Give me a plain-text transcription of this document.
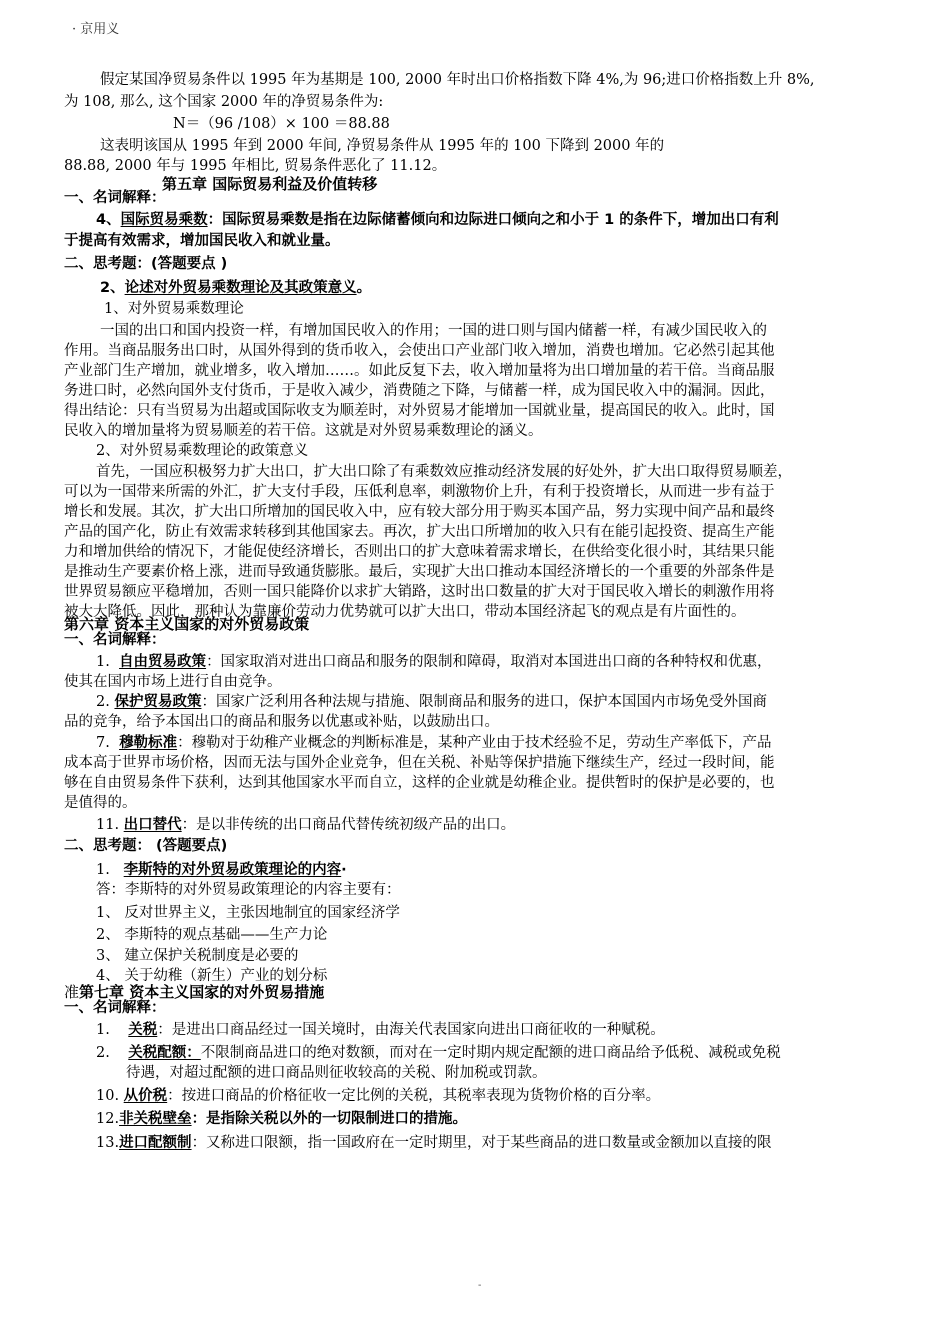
· 京用义
假定某国净贸易条件以 1995 年为基期是 100, 2000 年时出口价格指数下降 4%,为 96;进口价格指数上升 8%,
为 108, 那么, 这个国家 2000 年的净贸易条件为:
N＝（96 /108）× 100 ＝88.88
这表明该国从 1995 年到 2000 年间, 净贸易条件从 1995 年的 100 下降到 2000 年的
88.88, 2000 年与 1995 年相比, 贸易条件恶化了 11.12。
第五章 国际贸易利益及价值转移
一、名词解释：
4、国际贸易乘数：国际贸易乘数是指在边际储蓄倾向和边际进口倾向之和小于 1 的条件下，增加出口有利
于提高有效需求，增加国民收入和就业量。
二、思考题：(答题要点 )
2、论述对外贸易乘数理论及其政策意义。
1、对外贸易乘数理论
一国的出口和国内投资一样，有增加国民收入的作用；一国的进口则与国内储蓄一样，有减少国民收入的
作用。当商品服务出口时，从国外得到的货币收入，会使出口产业部门收入增加，消费也增加。它必然引起其他
产业部门生产增加，就业增多，收入增加……。如此反复下去，收入增加量将为出口增加量的若干倍。当商品服
务进口时，必然向国外支付货币，于是收入减少，消费随之下降，与储蓄一样，成为国民收入中的漏洞。因此，
得出结论：只有当贸易为出超或国际收支为顺差时，对外贸易才能增加一国就业量，提高国民的收入。此时，国
民收入的增加量将为贸易顺差的若干倍。这就是对外贸易乘数理论的涵义。
2、对外贸易乘数理论的政策意义
首先，一国应积极努力扩大出口，扩大出口除了有乘数效应推动经济发展的好处外，扩大出口取得贸易顺差，
可以为一国带来所需的外汇，扩大支付手段，压低利息率，刺激物价上升，有利于投资增长，从而进一步有益于
增长和发展。其次，扩大出口所增加的国民收入中，应有较大部分用于购买本国产品，努力实现中间产品和最终
产品的国产化，防止有效需求转移到其他国家去。再次，扩大出口所增加的收入只有在能引起投资、提高生产能
力和增加供给的情况下，才能促使经济增长，否则出口的扩大意味着需求增长，在供给变化很小时，其结果只能
是推动生产要素价格上涨，进而导致通货膨胀。最后，实现扩大出口推动本国经济增长的一个重要的外部条件是
世界贸易额应平稳增加，否则一国只能降价以求扩大销路，这时出口数量的扩大对于国民收入增长的刺激作用将
被大大降低。因此，那种认为靠廉价劳动力优势就可以扩大出口，带动本国经济起飞的观点是有片面性的。
第六章 资本主义国家的对外贸易政策
一、名词解释：
1. 自由贸易政策：国家取消对进出口商品和服务的限制和障碍，取消对本国进出口商的各种特权和优惠，
使其在国内市场上进行自由竞争。
2. 保护贸易政策：国家广泛利用各种法规与措施、限制商品和服务的进口，保护本国国内市场免受外国商
品的竞争，给予本国出口的商品和服务以优惠或补贴，以鼓励出口。
7. 穆勒标准：穆勒对于幼稚产业概念的判断标准是，某种产业由于技术经验不足，劳动生产率低下，产品
成本高于世界市场价格，因而无法与国外企业竞争，但在关税、补贴等保护措施下继续生产，经过一段时间，能
够在自由贸易条件下获利，达到其他国家水平而自立，这样的企业就是幼稚企业。提供暂时的保护是必要的，也
是值得的。
11. 出口替代：是以非传统的出口商品代替传统初级产品的出口。
二、思考题： (答题要点)
1. 李斯特的对外贸易政策理论的内容·
答：李斯特的对外贸易政策理论的内容主要有：
1、 反对世界主义，主张因地制宜的国家经济学
2、 李斯特的观点基础——生产力论
3、 建立保护关税制度是必要的
4、 关于幼稚（新生）产业的划分标
准第七章 资本主义国家的对外贸易措施
一、名词解释：
1. 关税：是进出口商品经过一国关境时，由海关代表国家向进出口商征收的一种赋税。
2. 关税配额：不限制商品进口的绝对数额，而对在一定时期内规定配额的进口商品给予低税、减税或免税
待遇，对超过配额的进口商品则征收较高的关税、附加税或罚款。
10. 从价税：按进口商品的价格征收一定比例的关税，其税率表现为货物价格的百分率。
12.非关税壁垒：是指除关税以外的一切限制进口的措施。
13.进口配额制：又称进口限额，指一国政府在一定时期里，对于某些商品的进口数量或金额加以直接的限
-
